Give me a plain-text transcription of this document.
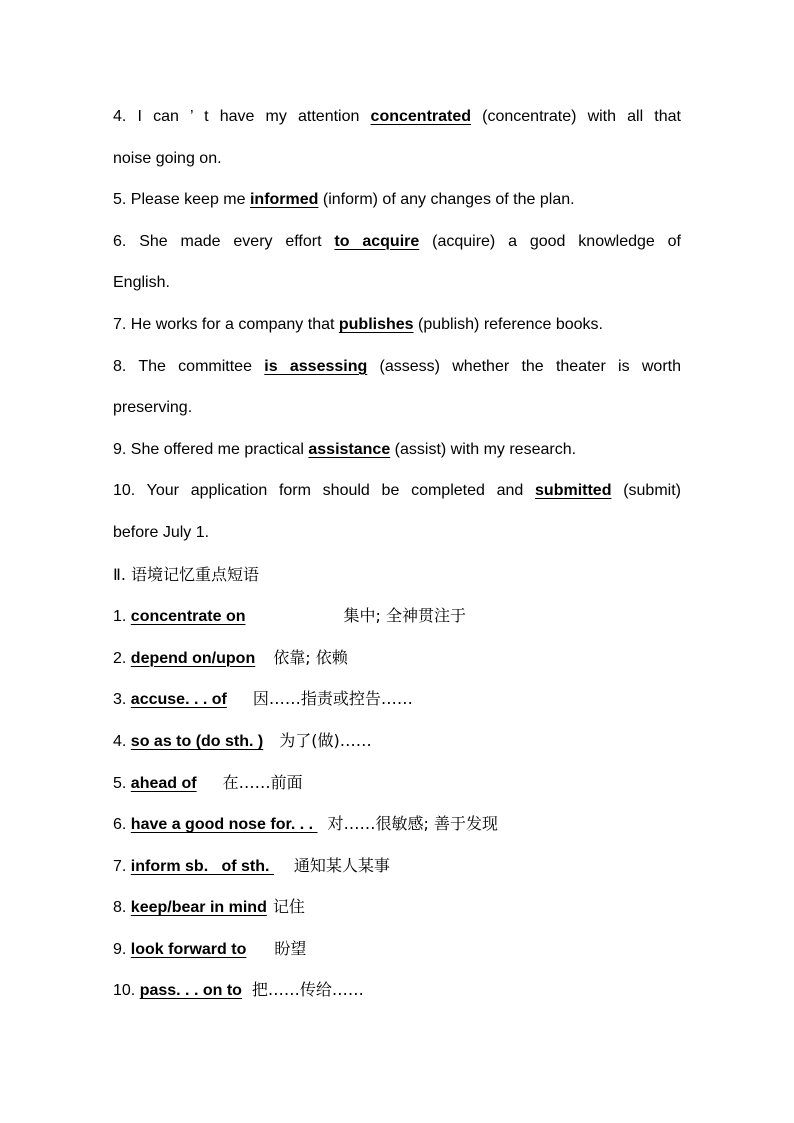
4. I can ’ t have my attention concentrated (concentrate) with all that
noise going on.
5. Please keep me informed (inform) of any changes of the plan.
6. She made every effort to acquire (acquire) a good knowledge of
English.
7. He works for a company that publishes (publish) reference books.
8. The committee is assessing (assess) whether the theater is worth
preserving.
9. She offered me practical assistance (assist) with my research.
10. Your application form should be completed and submitted (submit)
before July 1.
Ⅱ. 语境记忆重点短语
1. concentrate on	集中; 全神贯注于
2. depend on/upon 依靠; 依赖
3. accuse. . . of 因……指责或控告……
4. so as to (do sth. ) 为了(做)……
5. ahead of 在……前面
6. have a good nose for. . . 对……很敏感; 善于发现
7. inform sb.   of sth. 通知某人某事
8. keep/bear in mind 记住
9. look forward to 盼望
10. pass. . . on to 把……传给……
